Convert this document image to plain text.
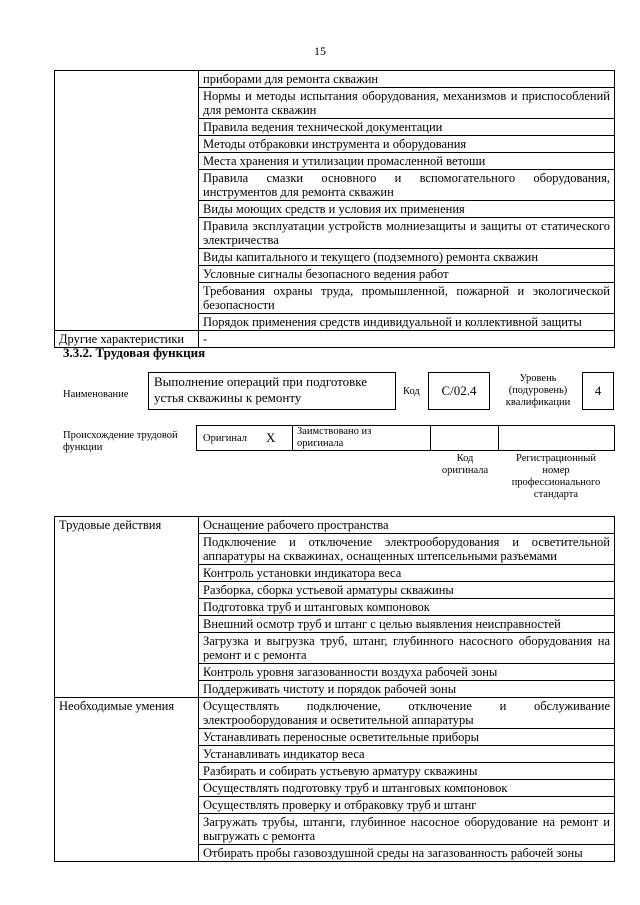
15
	приборами для ремонта скважин
	Нормы и методы испытания оборудования, механизмов и приспособлений для ремонта скважин
	Правила ведения технической документации
	Методы отбраковки инструмента и оборудования
	Места хранения и утилизации промасленной ветоши
	Правила смазки основного и вспомогательного оборудования, инструментов для ремонта скважин
	Виды моющих средств и условия их применения
	Правила эксплуатации устройств молниезащиты и защиты от статического электричества
	Виды капитального и текущего (подземного) ремонта скважин
	Условные сигналы безопасного ведения работ
	Требования охраны труда, промышленной, пожарной и экологической безопасности
	Порядок применения средств индивидуальной и коллективной защиты
Другие характеристики	-
3.3.2. Трудовая функция
Наименование
Выполнение операций при подготовке устья скважины к ремонту	Код	C/02.4
Уровень (подуровень) квалификации
4
Происхождение трудовой функции
Оригинал X Заимствовано из оригинала
Код оригинала
Регистрационный номер профессионального стандарта
Трудовые действия	Оснащение рабочего пространства
	Подключение и отключение электрооборудования и осветительной аппаратуры на скважинах, оснащенных штепсельными разъемами
	Контроль установки индикатора веса
	Разборка, сборка устьевой арматуры скважины
	Подготовка труб и штанговых компоновок
	Внешний осмотр труб и штанг с целью выявления неисправностей
	Загрузка и выгрузка труб, штанг, глубинного насосного оборудования на ремонт и с ремонта
	Контроль уровня загазованности воздуха рабочей зоны
	Поддерживать чистоту и порядок рабочей зоны
Необходимые умения	Осуществлять подключение, отключение и обслуживание электрооборудования и осветительной аппаратуры
	Устанавливать переносные осветительные приборы
	Устанавливать индикатор веса
	Разбирать и собирать устьевую арматуру скважины
	Осуществлять подготовку труб и штанговых компоновок
	Осуществлять проверку и отбраковку труб и штанг
	Загружать трубы, штанги, глубинное насосное оборудование на ремонт и выгружать с ремонта
	Отбирать пробы газовоздушной среды на загазованность рабочей зоны
